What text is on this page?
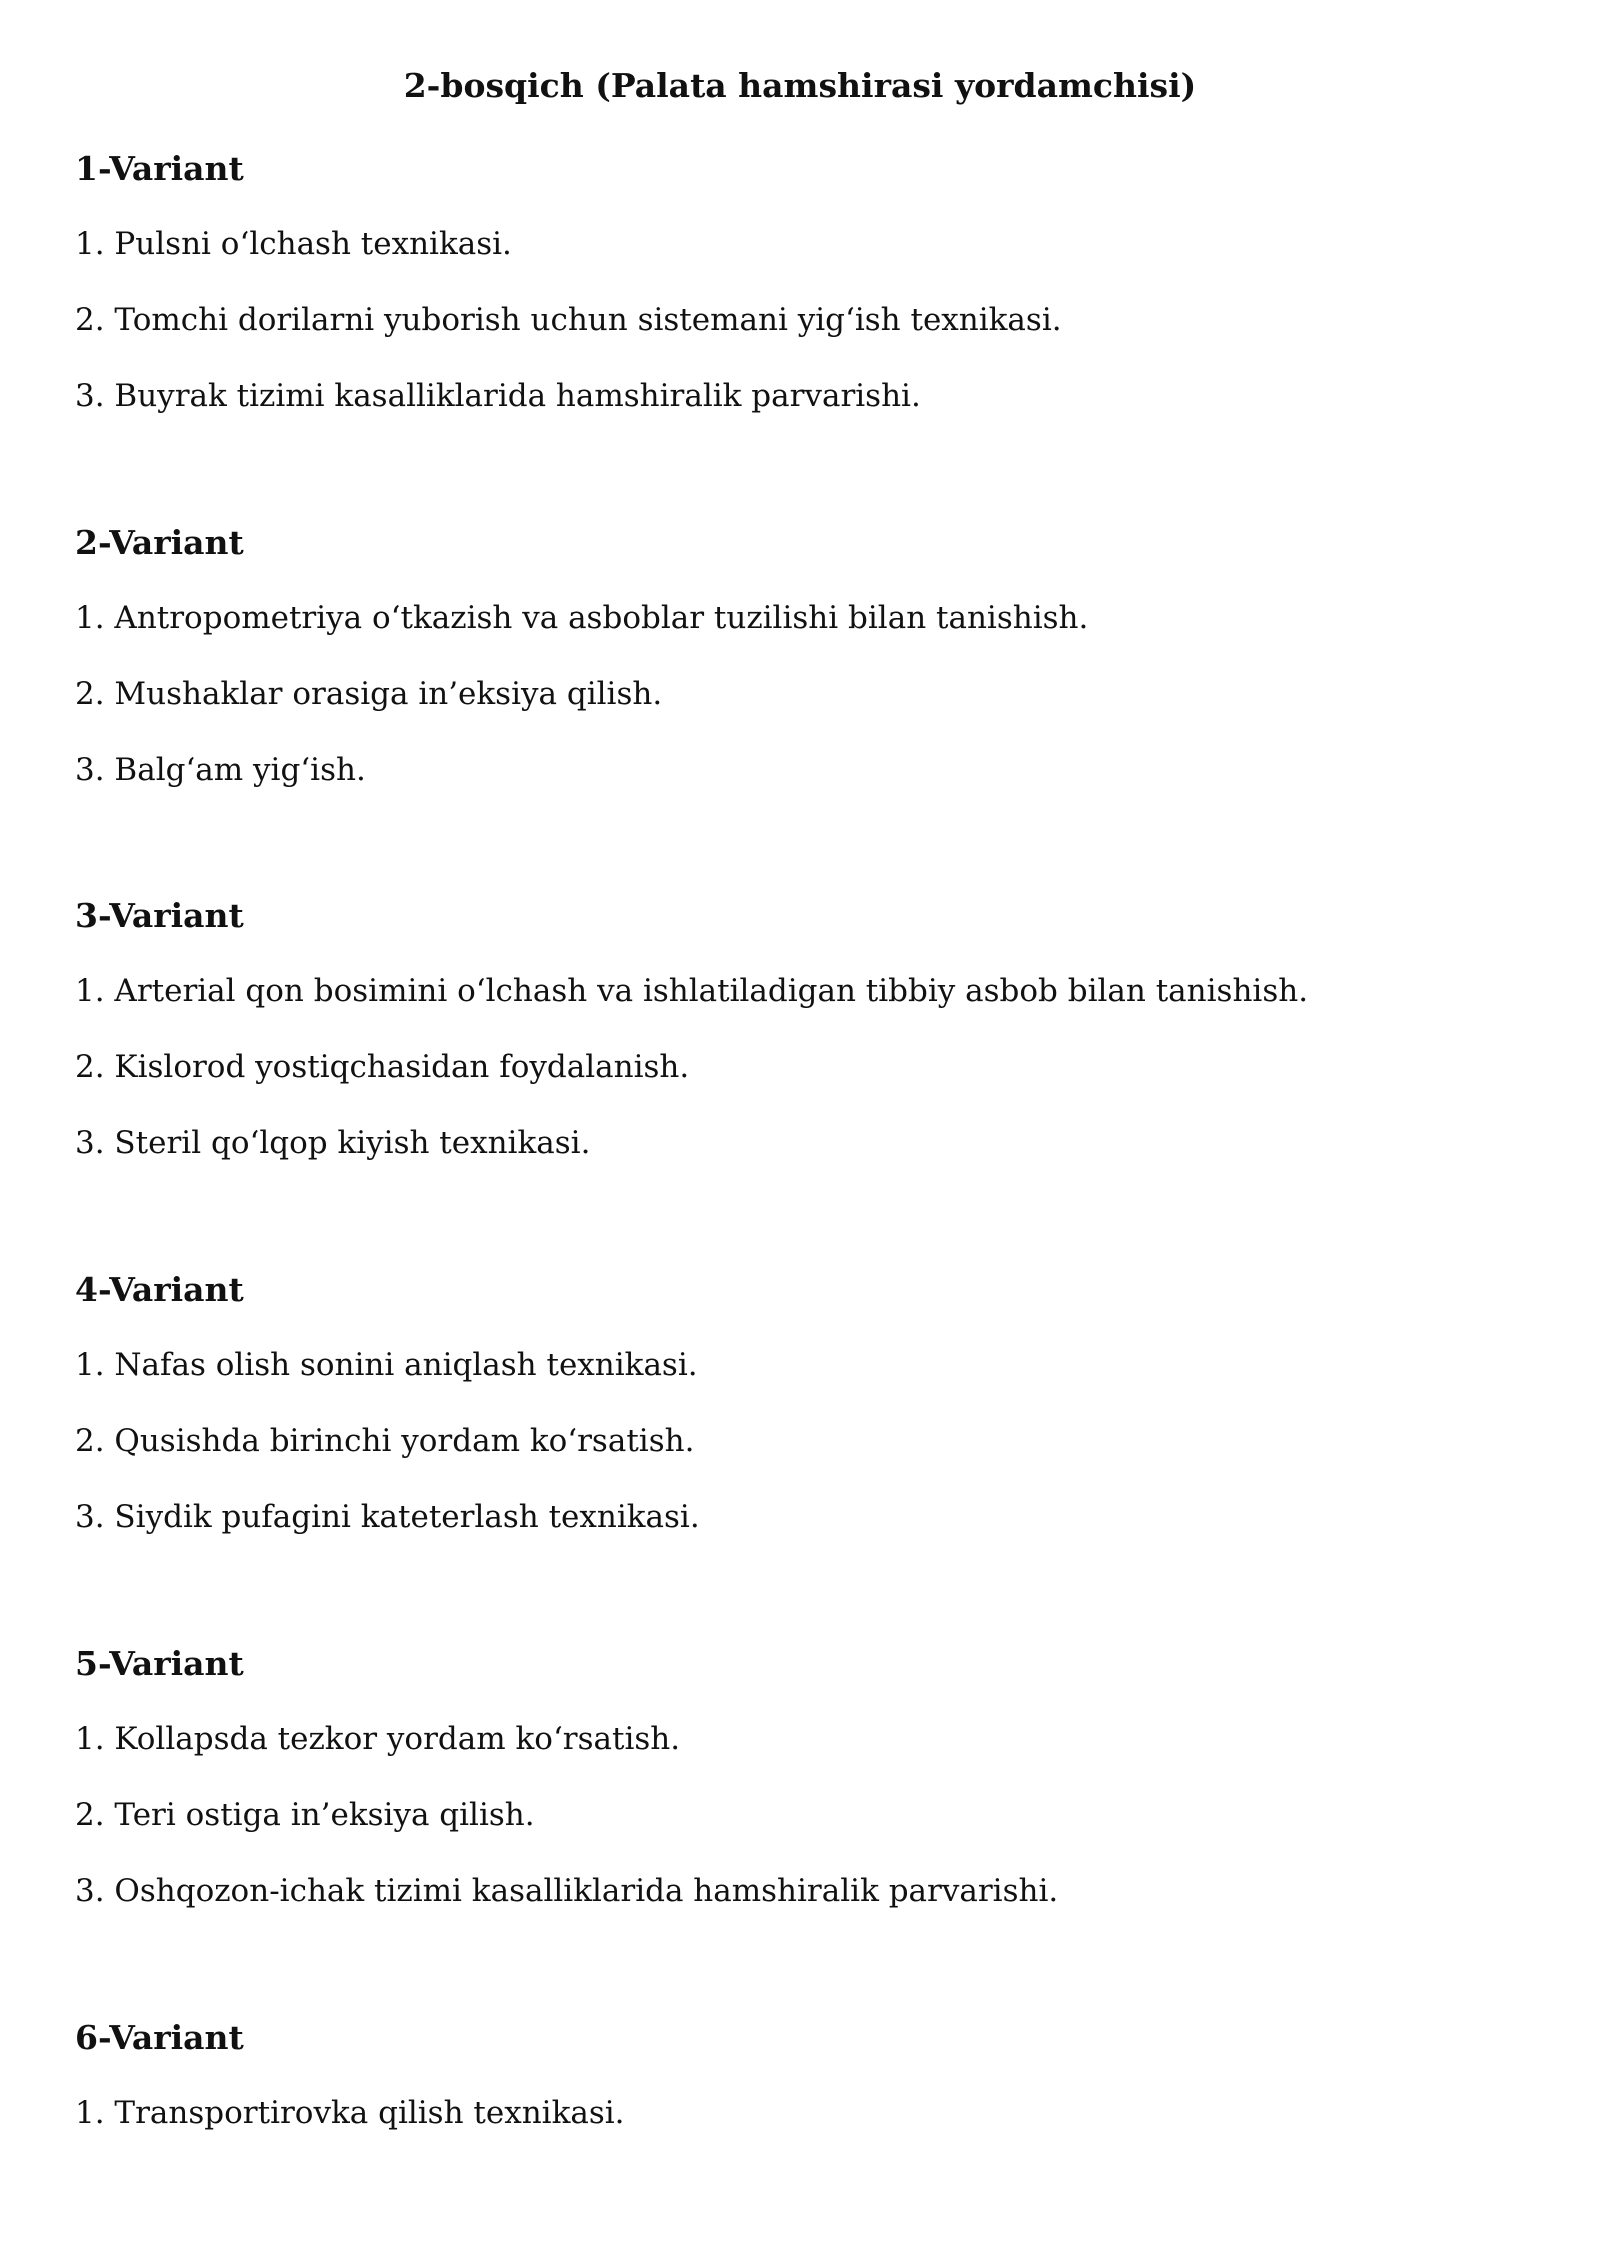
2-bosqich (Palata hamshirasi yordamchisi)
1-Variant
1. Pulsni o‘lchash texnikasi.
2. Tomchi dorilarni yuborish uchun sistemani yig‘ish texnikasi.
3. Buyrak tizimi kasalliklarida hamshiralik parvarishi.
2-Variant
1. Antropometriya o‘tkazish va asboblar tuzilishi bilan tanishish.
2. Mushaklar orasiga in’eksiya qilish.
3. Balg‘am yig‘ish.
3-Variant
1. Arterial qon bosimini o‘lchash va ishlatiladigan tibbiy asbob bilan tanishish.
2. Kislorod yostiqchasidan foydalanish.
3. Steril qo‘lqop kiyish texnikasi.
4-Variant
1. Nafas olish sonini aniqlash texnikasi.
2. Qusishda birinchi yordam ko‘rsatish.
3. Siydik pufagini kateterlash texnikasi.
5-Variant
1. Kollapsda tezkor yordam ko‘rsatish.
2. Teri ostiga in’eksiya qilish.
3. Oshqozon-ichak tizimi kasalliklarida hamshiralik parvarishi.
6-Variant
1. Transportirovka qilish texnikasi.
